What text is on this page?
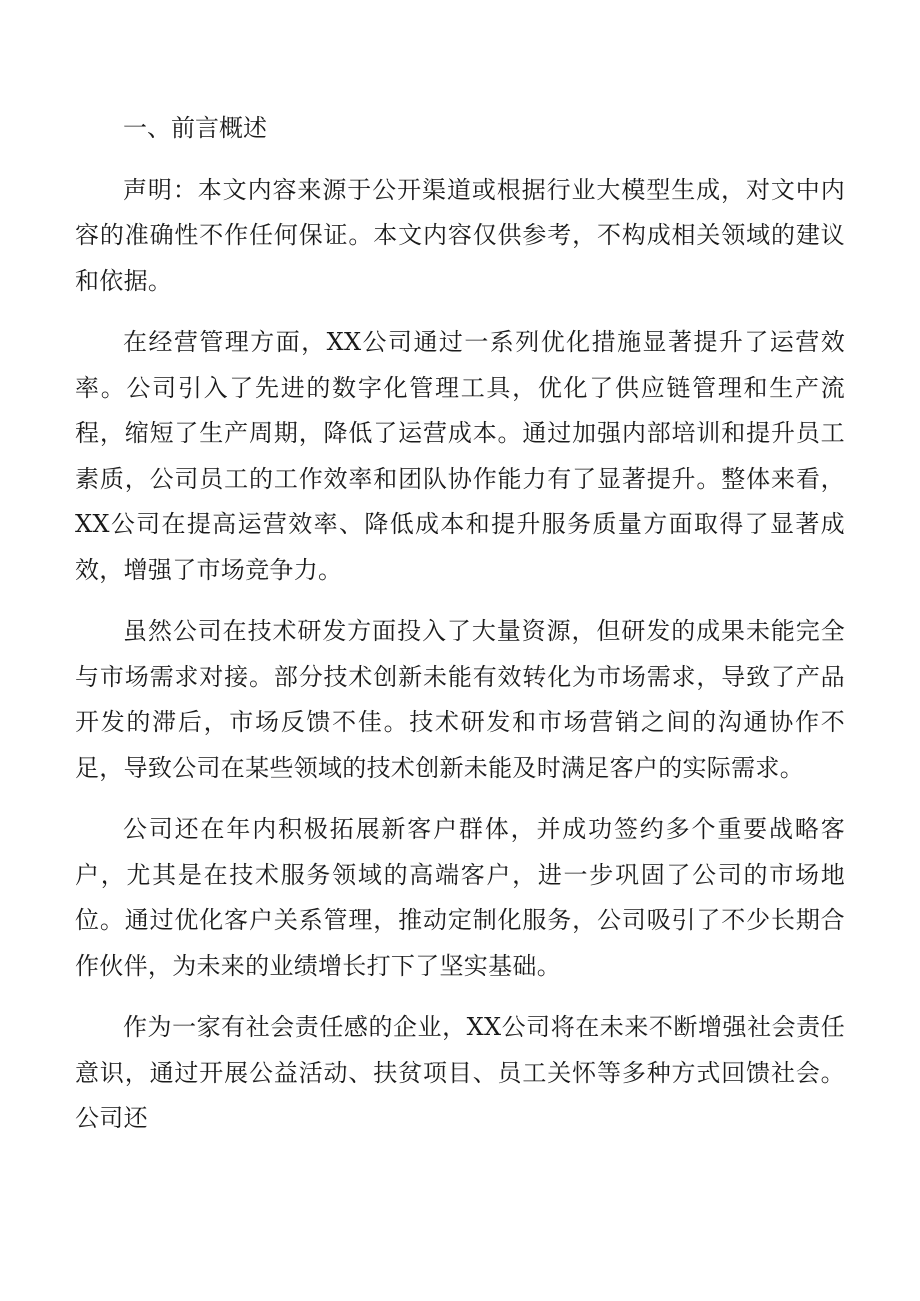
一、前言概述

声明：本文内容来源于公开渠道或根据行业大模型生成，对文中内容的准确性不作任何保证。本文内容仅供参考，不构成相关领域的建议和依据。

在经营管理方面，XX公司通过一系列优化措施显著提升了运营效率。公司引入了先进的数字化管理工具，优化了供应链管理和生产流程，缩短了生产周期，降低了运营成本。通过加强内部培训和提升员工素质，公司员工的工作效率和团队协作能力有了显著提升。整体来看，XX公司在提高运营效率、降低成本和提升服务质量方面取得了显著成效，增强了市场竞争力。

虽然公司在技术研发方面投入了大量资源，但研发的成果未能完全与市场需求对接。部分技术创新未能有效转化为市场需求，导致了产品开发的滞后，市场反馈不佳。技术研发和市场营销之间的沟通协作不足，导致公司在某些领域的技术创新未能及时满足客户的实际需求。

公司还在年内积极拓展新客户群体，并成功签约多个重要战略客户，尤其是在技术服务领域的高端客户，进一步巩固了公司的市场地位。通过优化客户关系管理，推动定制化服务，公司吸引了不少长期合作伙伴，为未来的业绩增长打下了坚实基础。

作为一家有社会责任感的企业，XX公司将在未来不断增强社会责任意识，通过开展公益活动、扶贫项目、员工关怀等多种方式回馈社会。公司还
